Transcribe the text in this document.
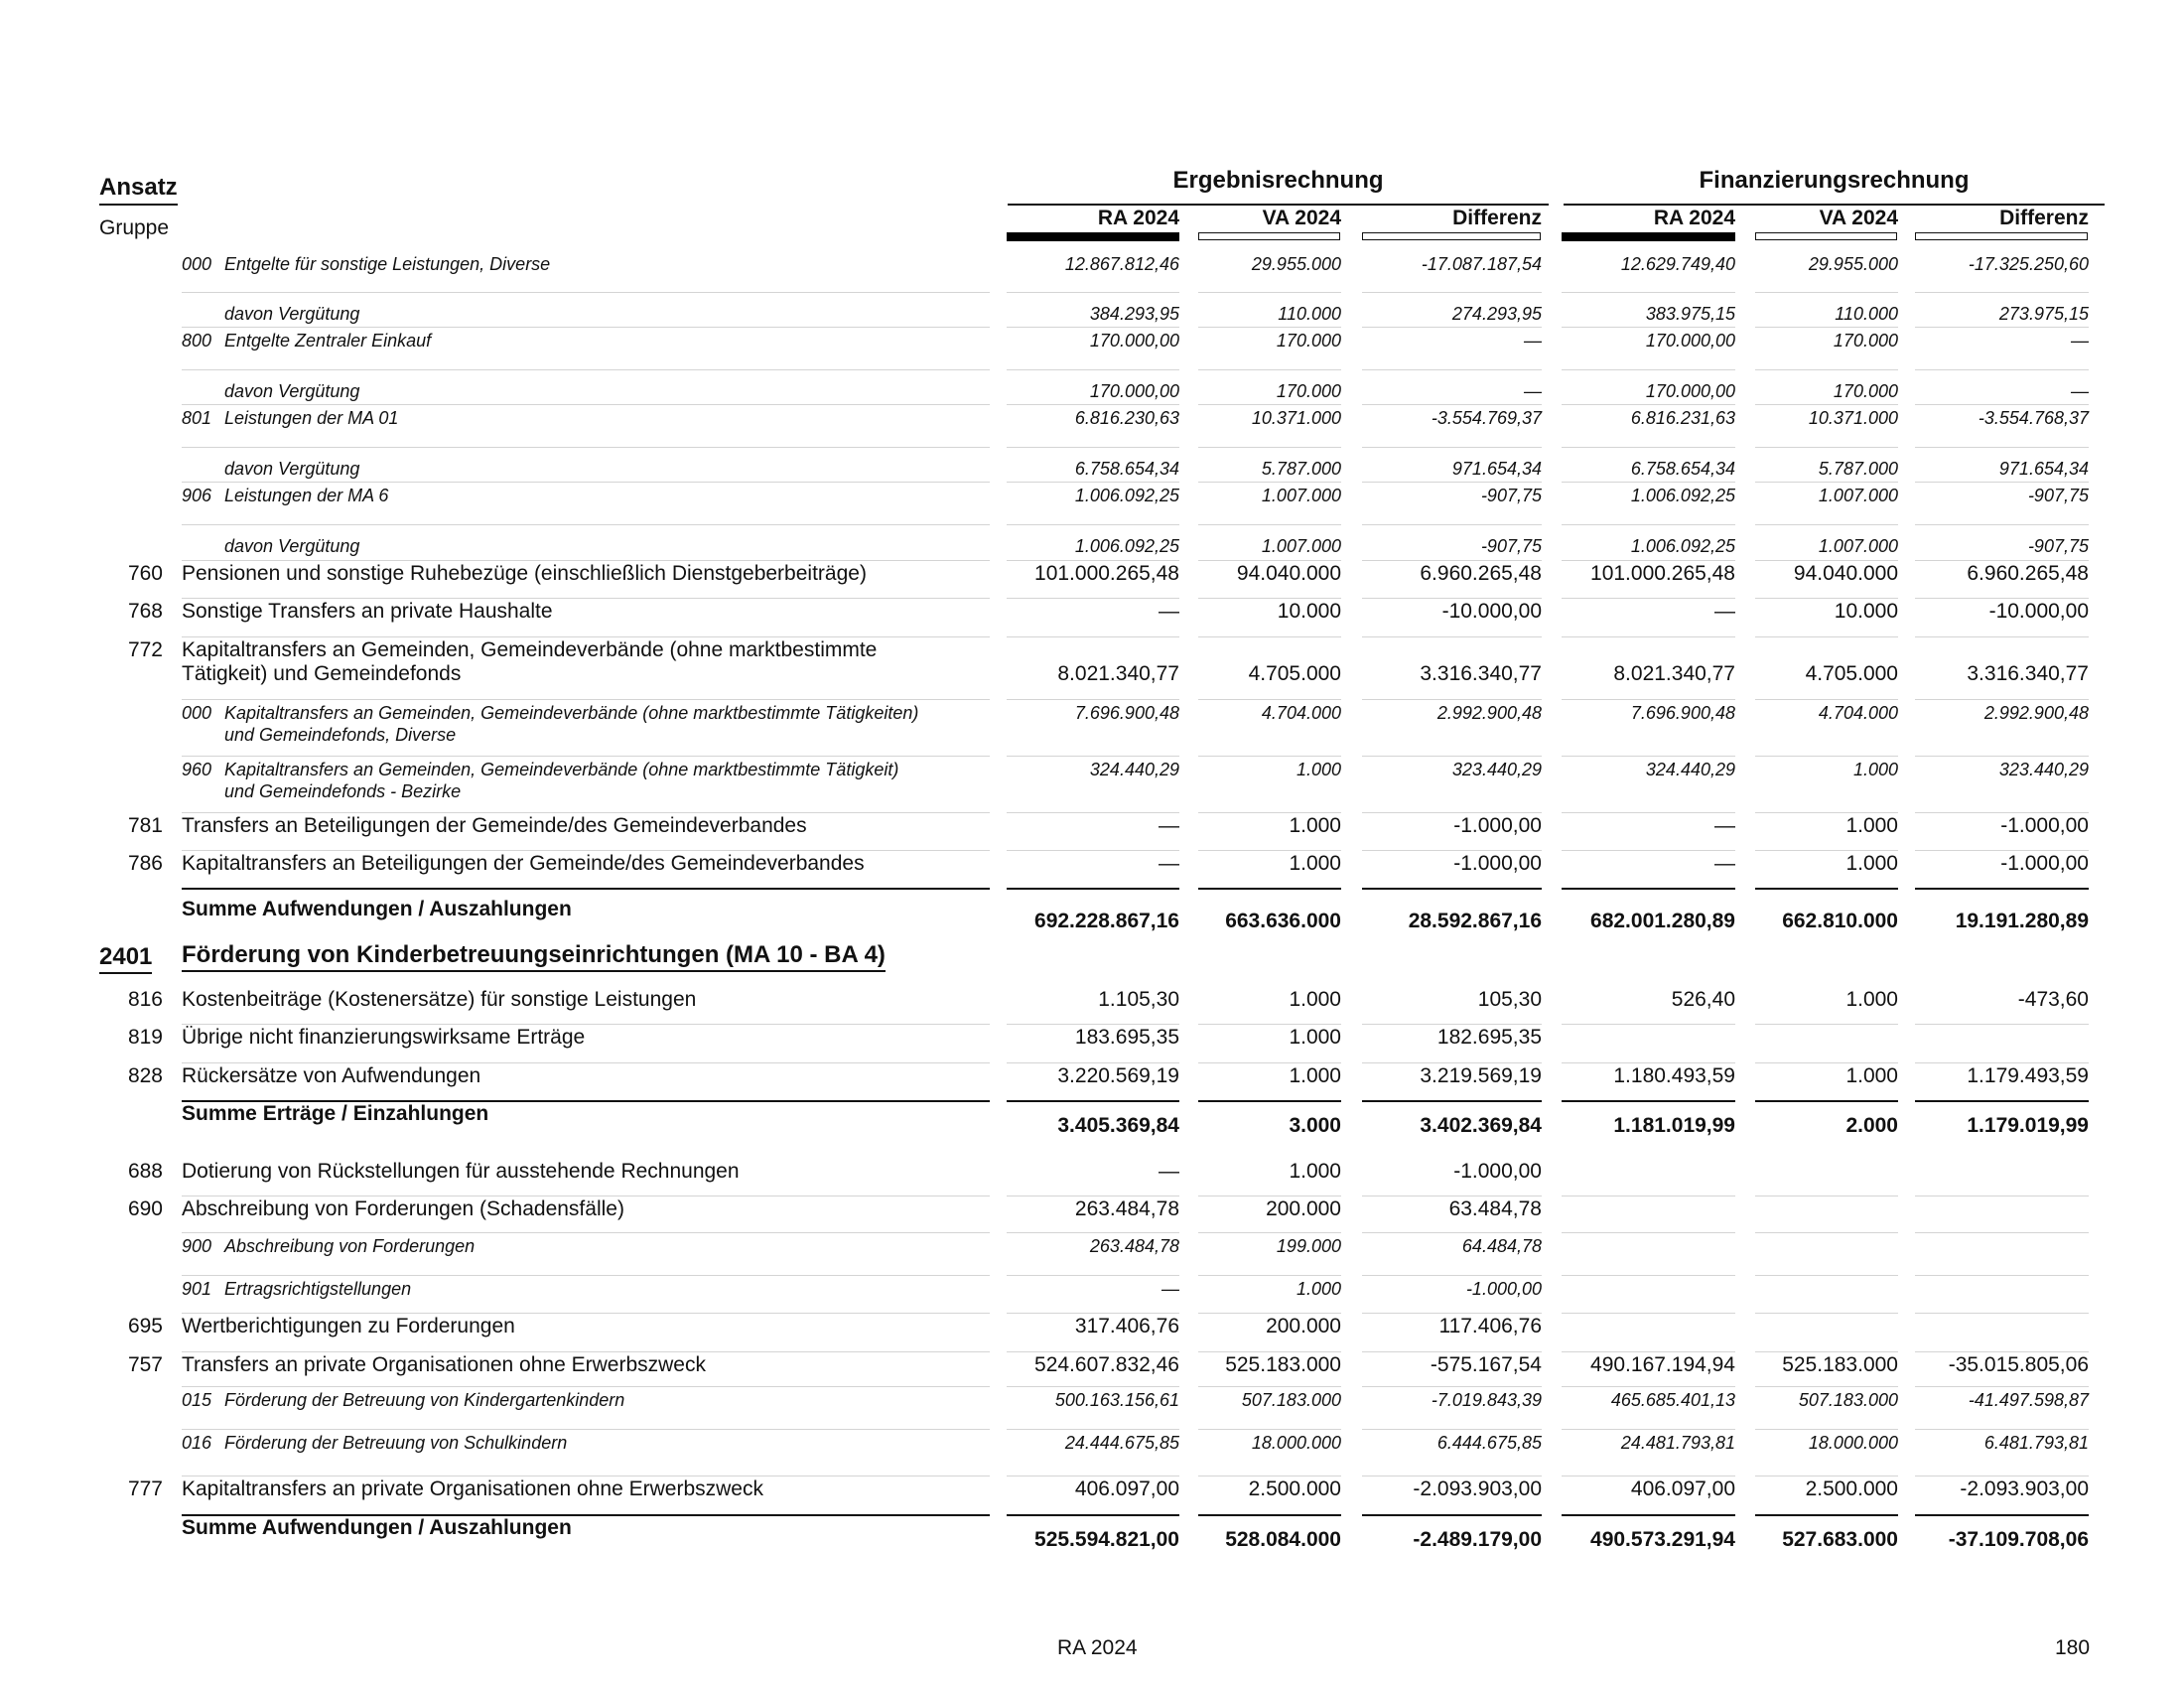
Ansatz
Gruppe
Ergebnisrechnung	Finanzierungsrechnung
RA 2024	VA 2024	Differenz	RA 2024	VA 2024	Differenz
000 Entgelte für sonstige Leistungen, Diverse	12.867.812,46	29.955.000	-17.087.187,54	12.629.749,40	29.955.000	-17.325.250,60
davon Vergütung	384.293,95	110.000	274.293,95	383.975,15	110.000	273.975,15
800 Entgelte Zentraler Einkauf	170.000,00	170.000	—	170.000,00	170.000	—
davon Vergütung	170.000,00	170.000	—	170.000,00	170.000	—
801 Leistungen der MA 01	6.816.230,63	10.371.000	-3.554.769,37	6.816.231,63	10.371.000	-3.554.768,37
davon Vergütung	6.758.654,34	5.787.000	971.654,34	6.758.654,34	5.787.000	971.654,34
906 Leistungen der MA 6	1.006.092,25	1.007.000	-907,75	1.006.092,25	1.007.000	-907,75
davon Vergütung	1.006.092,25	1.007.000	-907,75	1.006.092,25	1.007.000	-907,75
760 Pensionen und sonstige Ruhebezüge (einschließlich Dienstgeberbeiträge)	101.000.265,48	94.040.000	6.960.265,48	101.000.265,48	94.040.000	6.960.265,48
768 Sonstige Transfers an private Haushalte	—	10.000	-10.000,00	—	10.000	-10.000,00
772 Kapitaltransfers an Gemeinden, Gemeindeverbände (ohne marktbestimmte
Tätigkeit) und Gemeindefonds	8.021.340,77	4.705.000	3.316.340,77	8.021.340,77	4.705.000	3.316.340,77
000 Kapitaltransfers an Gemeinden, Gemeindeverbände (ohne marktbestimmte Tätigkeiten)
und Gemeindefonds, Diverse
7.696.900,48	4.704.000	2.992.900,48	7.696.900,48	4.704.000	2.992.900,48
960 Kapitaltransfers an Gemeinden, Gemeindeverbände (ohne marktbestimmte Tätigkeit)
und Gemeindefonds - Bezirke
324.440,29	1.000	323.440,29	324.440,29	1.000	323.440,29
781 Transfers an Beteiligungen der Gemeinde/des Gemeindeverbandes	—	1.000	-1.000,00	—	1.000	-1.000,00
786 Kapitaltransfers an Beteiligungen der Gemeinde/des Gemeindeverbandes	—	1.000	-1.000,00	—	1.000	-1.000,00
Summe Aufwendungen / Auszahlungen
692.228.867,16	663.636.000	28.592.867,16	682.001.280,89	662.810.000	19.191.280,89
2401 Förderung von Kinderbetreuungseinrichtungen (MA 10 - BA 4)
816 Kostenbeiträge (Kostenersätze) für sonstige Leistungen	1.105,30	1.000	105,30	526,40	1.000	-473,60
819 Übrige nicht finanzierungswirksame Erträge	183.695,35	1.000	182.695,35
828 Rückersätze von Aufwendungen	3.220.569,19	1.000	3.219.569,19	1.180.493,59	1.000	1.179.493,59
Summe Erträge / Einzahlungen
3.405.369,84	3.000	3.402.369,84	1.181.019,99	2.000	1.179.019,99
688 Dotierung von Rückstellungen für ausstehende Rechnungen	—	1.000	-1.000,00
690 Abschreibung von Forderungen (Schadensfälle)	263.484,78	200.000	63.484,78
900 Abschreibung von Forderungen	263.484,78	199.000	64.484,78
901 Ertragsrichtigstellungen	—	1.000	-1.000,00
695 Wertberichtigungen zu Forderungen	317.406,76	200.000	117.406,76
757 Transfers an private Organisationen ohne Erwerbszweck	524.607.832,46	525.183.000	-575.167,54	490.167.194,94	525.183.000	-35.015.805,06
015 Förderung der Betreuung von Kindergartenkindern	500.163.156,61	507.183.000	-7.019.843,39	465.685.401,13	507.183.000	-41.497.598,87
016 Förderung der Betreuung von Schulkindern	24.444.675,85	18.000.000	6.444.675,85	24.481.793,81	18.000.000	6.481.793,81
777 Kapitaltransfers an private Organisationen ohne Erwerbszweck	406.097,00	2.500.000	-2.093.903,00	406.097,00	2.500.000	-2.093.903,00
Summe Aufwendungen / Auszahlungen
525.594.821,00	528.084.000	-2.489.179,00	490.573.291,94	527.683.000	-37.109.708,06
RA 2024	180
